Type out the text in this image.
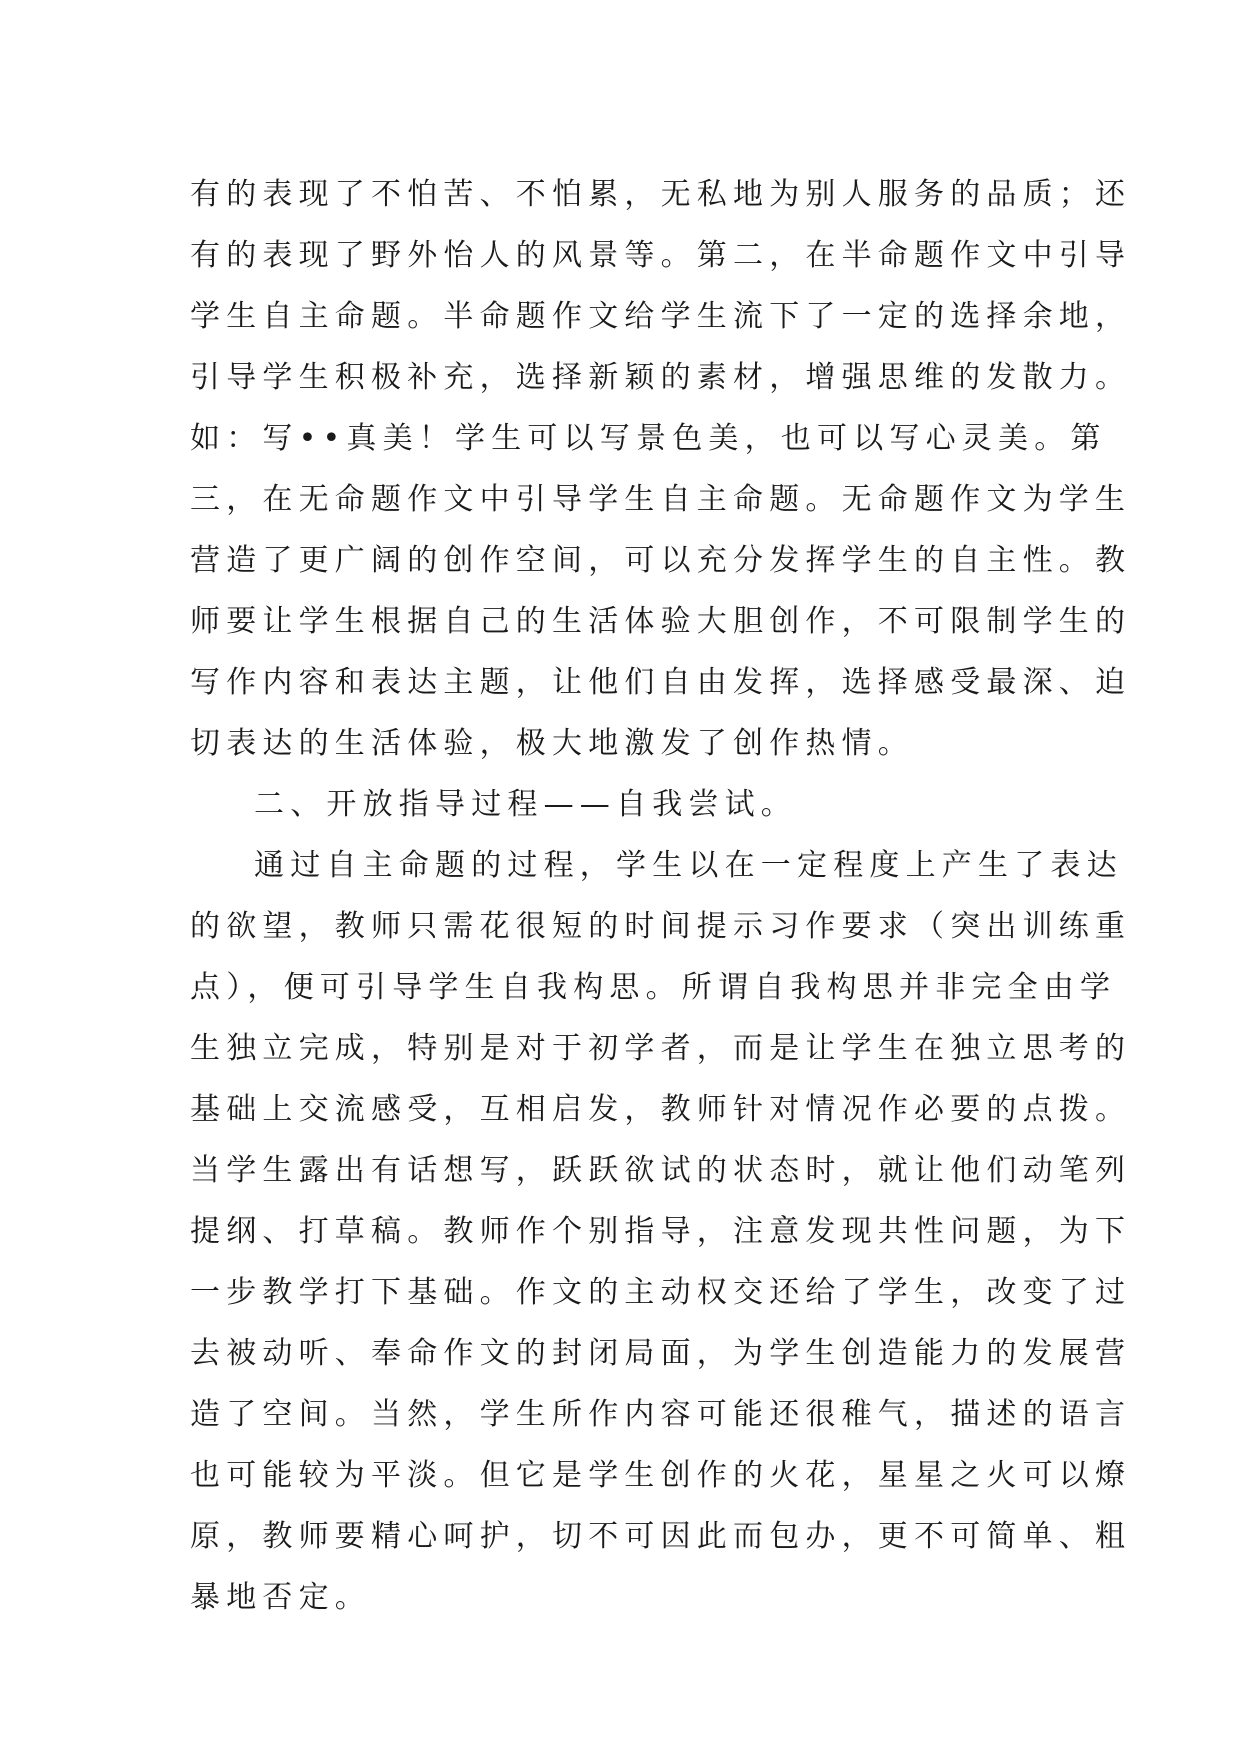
有的表现了不怕苦、不怕累，无私地为别人服务的品质；还
有的表现了野外怡人的风景等。第二，在半命题作文中引导
学生自主命题。半命题作文给学生流下了一定的选择余地，
引导学生积极补充，选择新颖的素材，增强思维的发散力。
如：写••真美！学生可以写景色美，也可以写心灵美。第
三，在无命题作文中引导学生自主命题。无命题作文为学生
营造了更广阔的创作空间，可以充分发挥学生的自主性。教
师要让学生根据自己的生活体验大胆创作，不可限制学生的
写作内容和表达主题，让他们自由发挥，选择感受最深、迫
切表达的生活体验，极大地激发了创作热情。
二、开放指导过程——自我尝试。
通过自主命题的过程，学生以在一定程度上产生了表达
的欲望，教师只需花很短的时间提示习作要求（突出训练重
点），便可引导学生自我构思。所谓自我构思并非完全由学
生独立完成，特别是对于初学者，而是让学生在独立思考的
基础上交流感受，互相启发，教师针对情况作必要的点拨。
当学生露出有话想写，跃跃欲试的状态时，就让他们动笔列
提纲、打草稿。教师作个别指导，注意发现共性问题，为下
一步教学打下基础。作文的主动权交还给了学生，改变了过
去被动听、奉命作文的封闭局面，为学生创造能力的发展营
造了空间。当然，学生所作内容可能还很稚气，描述的语言
也可能较为平淡。但它是学生创作的火花，星星之火可以燎
原，教师要精心呵护，切不可因此而包办，更不可简单、粗
暴地否定。
